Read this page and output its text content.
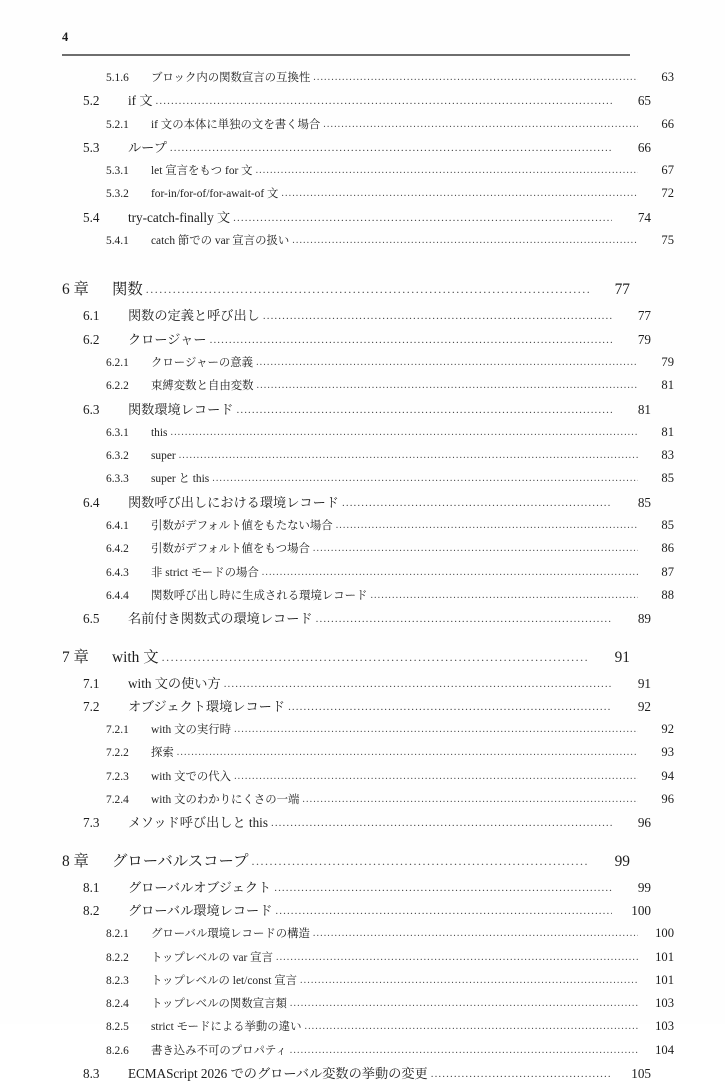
4
5.1.6	ブロック内の関数宣言の互換性 .....	63
5.2	if 文 .....	65
5.2.1	if 文の本体に単独の文を書く場合 .....	66
5.3	ループ .....	66
5.3.1	let 宣言をもつ for 文 .....	67
5.3.2	for-in/for-of/for-await-of 文 .....	72
5.4	try-catch-finally 文 .....	74
5.4.1	catch 節での var 宣言の扱い .....	75
6 章	関数 .....	77
6.1	関数の定義と呼び出し .....	77
6.2	クロージャー .....	79
6.2.1	クロージャーの意義 .....	79
6.2.2	束縛変数と自由変数 .....	81
6.3	関数環境レコード .....	81
6.3.1	this .....	81
6.3.2	super .....	83
6.3.3	super と this .....	85
6.4	関数呼び出しにおける環境レコード .....	85
6.4.1	引数がデフォルト値をもたない場合 .....	85
6.4.2	引数がデフォルト値をもつ場合 .....	86
6.4.3	非 strict モードの場合 .....	87
6.4.4	関数呼び出し時に生成される環境レコード .....	88
6.5	名前付き関数式の環境レコード .....	89
7 章	with 文 .....	91
7.1	with 文の使い方 .....	91
7.2	オブジェクト環境レコード .....	92
7.2.1	with 文の実行時 .....	92
7.2.2	探索 .....	93
7.2.3	with 文での代入 .....	94
7.2.4	with 文のわかりにくさの一端 .....	96
7.3	メソッド呼び出しと this .....	96
8 章	グローバルスコープ .....	99
8.1	グローバルオブジェクト .....	99
8.2	グローバル環境レコード .....	100
8.2.1	グローバル環境レコードの構造 .....	100
8.2.2	トップレベルの var 宣言 .....	101
8.2.3	トップレベルの let/const 宣言 .....	101
8.2.4	トップレベルの関数宣言類 .....	103
8.2.5	strict モードによる挙動の違い .....	103
8.2.6	書き込み不可のプロパティ .....	104
8.3	ECMAScript 2026 でのグローバル変数の挙動の変更 .....	105
